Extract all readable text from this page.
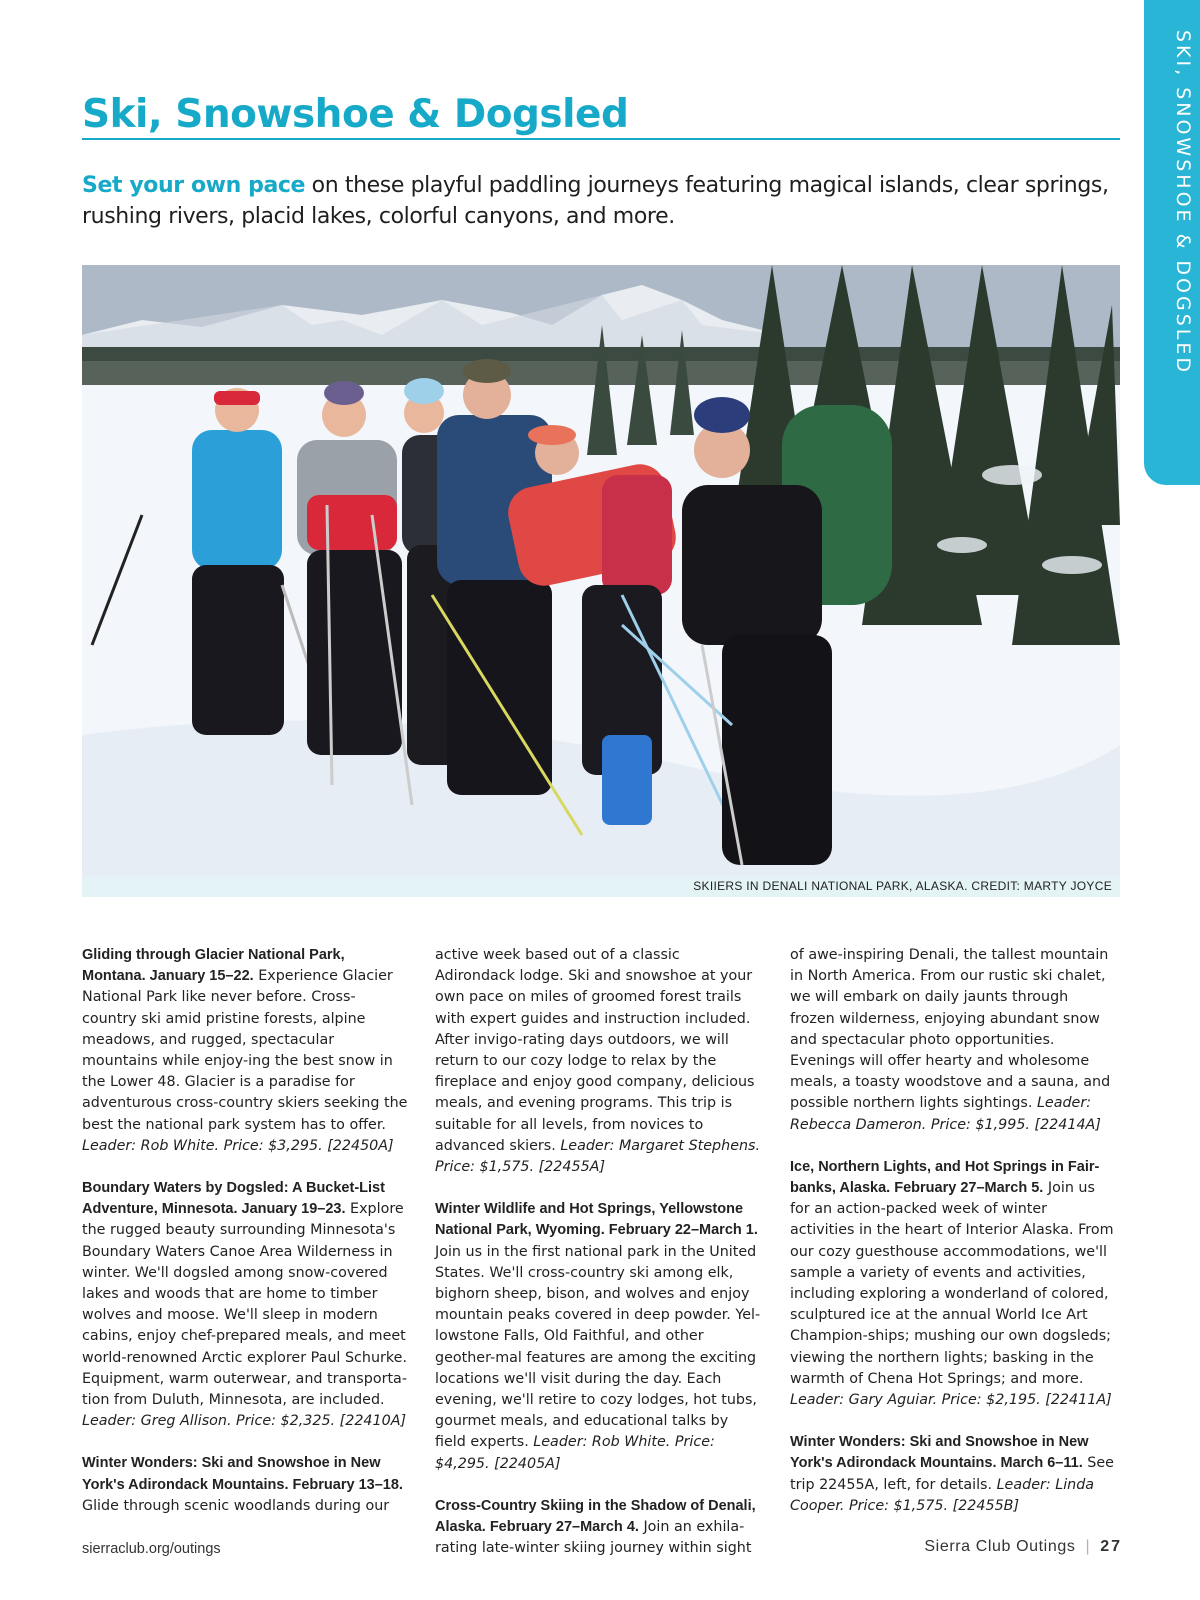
SKI, SNOWSHOE & DOGSLED
Ski, Snowshoe & Dogsled

Set your own pace on these playful paddling journeys featuring magical islands, clear springs, rushing rivers, placid lakes, colorful canyons, and more.

SKIIERS IN DENALI NATIONAL PARK, ALASKA. CREDIT: MARTY JOYCE

Gliding through Glacier National Park, Montana. January 15–22. Experience Glacier National Park like never before. Cross-country ski amid pristine forests, alpine meadows, and rugged, spectacular mountains while enjoy-ing the best snow in the Lower 48. Glacier is a paradise for adventurous cross-country skiers seeking the best the national park system has to offer. Leader: Rob White. Price: $3,295. [22450A]

Boundary Waters by Dogsled: A Bucket-List Adventure, Minnesota. January 19–23. Explore the rugged beauty surrounding Minnesota's Boundary Waters Canoe Area Wilderness in winter. We'll dogsled among snow-covered lakes and woods that are home to timber wolves and moose. We'll sleep in modern cabins, enjoy chef-prepared meals, and meet world-renowned Arctic explorer Paul Schurke. Equipment, warm outerwear, and transporta-tion from Duluth, Minnesota, are included. Leader: Greg Allison. Price: $2,325. [22410A]

Winter Wonders: Ski and Snowshoe in New York's Adirondack Mountains. February 13–18. Glide through scenic woodlands during our

active week based out of a classic Adirondack lodge. Ski and snowshoe at your own pace on miles of groomed forest trails with expert guides and instruction included. After invigo-rating days outdoors, we will return to our cozy lodge to relax by the fireplace and enjoy good company, delicious meals, and evening programs. This trip is suitable for all levels, from novices to advanced skiers. Leader: Margaret Stephens. Price: $1,575. [22455A]

Winter Wildlife and Hot Springs, Yellowstone National Park, Wyoming. February 22–March 1. Join us in the first national park in the United States. We'll cross-country ski among elk, bighorn sheep, bison, and wolves and enjoy mountain peaks covered in deep powder. Yel-lowstone Falls, Old Faithful, and other geother-mal features are among the exciting locations we'll visit during the day. Each evening, we'll retire to cozy lodges, hot tubs, gourmet meals, and educational talks by field experts. Leader: Rob White. Price: $4,295. [22405A]

Cross-Country Skiing in the Shadow of Denali, Alaska. February 27–March 4. Join an exhila-rating late-winter skiing journey within sight

of awe-inspiring Denali, the tallest mountain in North America. From our rustic ski chalet, we will embark on daily jaunts through frozen wilderness, enjoying abundant snow and spectacular photo opportunities. Evenings will offer hearty and wholesome meals, a toasty woodstove and a sauna, and possible northern lights sightings. Leader: Rebecca Dameron. Price: $1,995. [22414A]

Ice, Northern Lights, and Hot Springs in Fair-banks, Alaska. February 27–March 5. Join us for an action-packed week of winter activities in the heart of Interior Alaska. From our cozy guesthouse accommodations, we'll sample a variety of events and activities, including exploring a wonderland of colored, sculptured ice at the annual World Ice Art Champion-ships; mushing our own dogsleds; viewing the northern lights; basking in the warmth of Chena Hot Springs; and more. Leader: Gary Aguiar. Price: $2,195. [22411A]

Winter Wonders: Ski and Snowshoe in New York's Adirondack Mountains. March 6–11. See trip 22455A, left, for details. Leader: Linda Cooper. Price: $1,575. [22455B]

sierraclub.org/outings	Sierra Club Outings | 27
